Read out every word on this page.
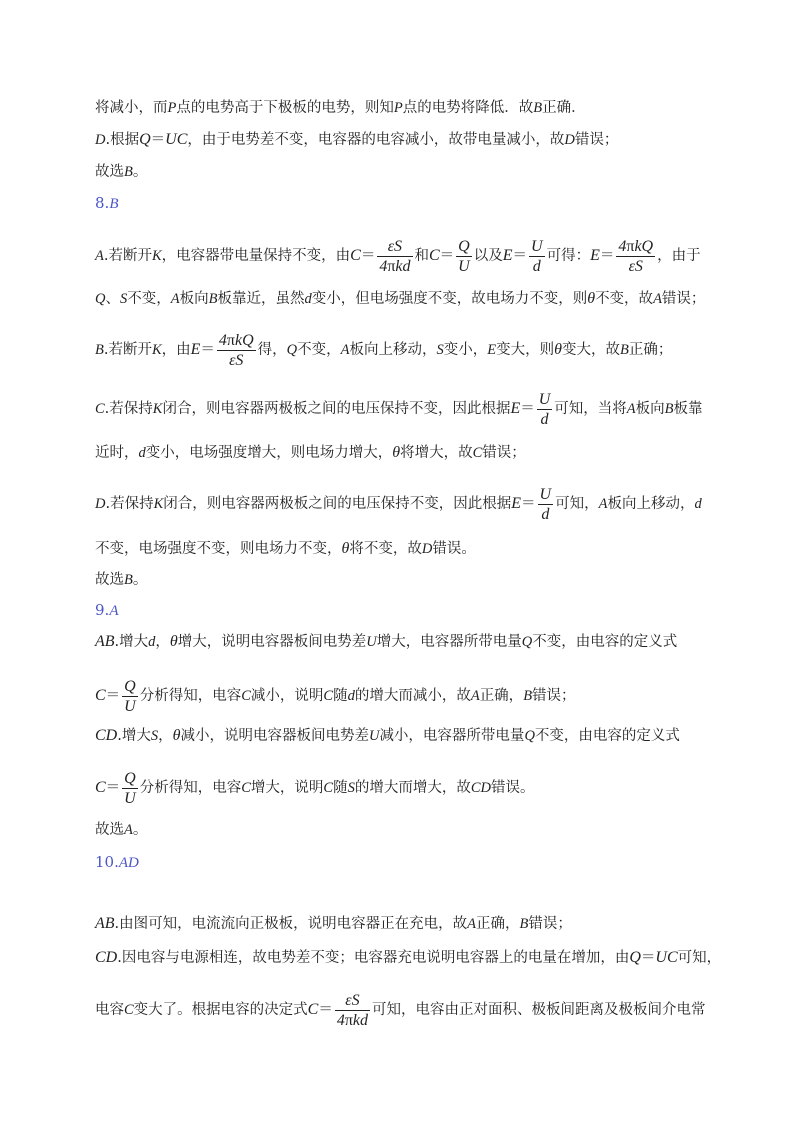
将减小，而P点的电势高于下极板的电势，则知P点的电势将降低．故B正确．
D.根据Q＝UC，由于电势差不变，电容器的电容减小，故带电量减小，故D错误；
故选B。
8.B
A.若断开K，电容器带电量保持不变，由$C= \frac{\varepsilon S}{\text{4πkd}}$ 和$C= \frac{Q}{U}$ 以及$E= \frac{U}{d}$ 可得：$E= \frac{\text{4πkQ}}{\varepsilon S}$ ，由于
Q、S不变，A板向B板靠近，虽然d变小，但电场强度不变，故电场力不变，则θ不变，故A错误；
B.若断开K，由$E= \frac{\text{4πkQ}}{\varepsilon S}$ 得，Q不变，A板向上移动，S变小，E变大，则θ变大，故B正确；
C.若保持K闭合，则电容器两极板之间的电压保持不变，因此根据$E= \frac{U}{d}$ 可知，当将A板向B板靠
近时，d变小，电场强度增大，则电场力增大，θ将增大，故C错误；
D.若保持K闭合，则电容器两极板之间的电压保持不变，因此根据$E= \frac{U}{d}$ 可知，A板向上移动，d
不变，电场强度不变，则电场力不变，θ将不变，故D错误。
故选B。
9.A
AB.增大d，θ增大，说明电容器板间电势差U增大，电容器所带电量Q不变，由电容的定义式
$C= \frac{Q}{U}$ 分析得知，电容C减小，说明C随d的增大而减小，故A正确，B错误；
CD.增大S，θ减小，说明电容器板间电势差U减小，电容器所带电量Q不变，由电容的定义式
$C= \frac{Q}{U}$ 分析得知，电容C增大，说明C随S的增大而增大，故CD错误。
故选A。
10.AD
AB.由图可知，电流流向正极板，说明电容器正在充电，故A正确，B错误；
CD.因电容与电源相连，故电势差不变；电容器充电说明电容器上的电量在增加，由Q＝UC可知，
电容C变大了。根据电容的决定式$C= \frac{\varepsilon S}{\text{4πkd}}$ 可知，电容由正对面积、极板间距离及极板间介电常
